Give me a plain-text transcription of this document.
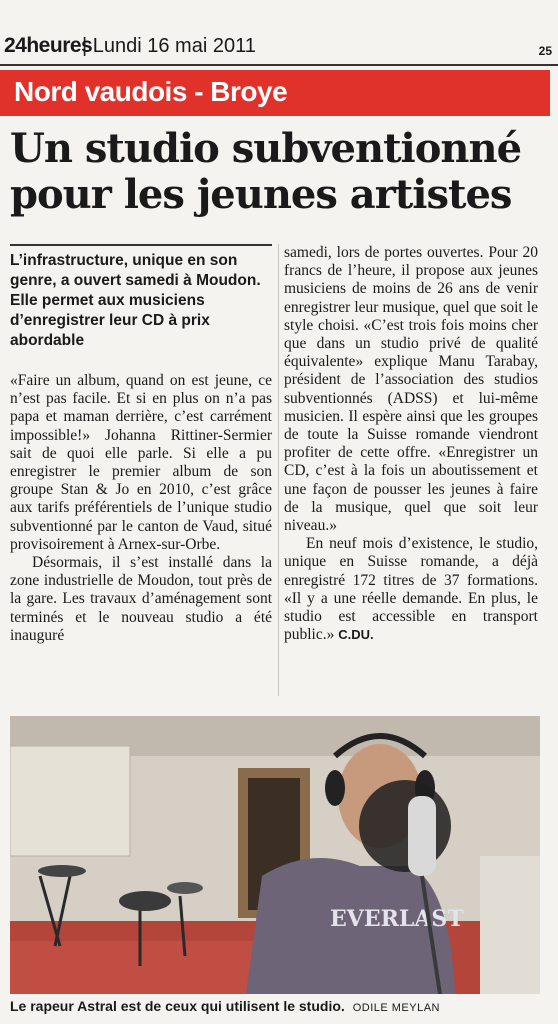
24heures
| Lundi 16 mai 2011	25
Nord vaudois - Broye
Un studio subventionné pour les jeunes artistes
L’infrastructure, unique en son genre, a ouvert samedi à Moudon. Elle permet aux musiciens d’enregistrer leur CD à prix abordable

«Faire un album, quand on est jeune, ce n’est pas facile. Et si en plus on n’a pas papa et maman derrière, c’est carrément impossible!» Johanna Rittiner-Sermier sait de quoi elle parle. Si elle a pu enregistrer le premier album de son groupe Stan & Jo en 2010, c’est grâce aux tarifs préférentiels de l’unique studio subventionné par le canton de Vaud, situé provisoirement à Arnex-sur-Orbe.

Désormais, il s’est installé dans la zone industrielle de Moudon, tout près de la gare. Les travaux d’aménagement sont terminés et le nouveau studio a été inauguré

samedi, lors de portes ouvertes. Pour 20 francs de l’heure, il propose aux jeunes musiciens de moins de 26 ans de venir enregistrer leur musique, quel que soit le style choisi. «C’est trois fois moins cher que dans un studio privé de qualité équivalente» explique Manu Tarabay, président de l’association des studios subventionnés (ADSS) et lui-même musicien. Il espère ainsi que les groupes de toute la Suisse romande viendront profiter de cette offre. «Enregistrer un CD, c’est à la fois un aboutissement et une façon de pousser les jeunes à faire de la musique, quel que soit leur niveau.»

En neuf mois d’existence, le studio, unique en Suisse romande, a déjà enregistré 172 titres de 37 formations. «Il y a une réelle demande. En plus, le studio est accessible en transport public.» C.DU.

EVERLAST
Le rapeur Astral est de ceux qui utilisent le studio. ODILE MEYLAN
